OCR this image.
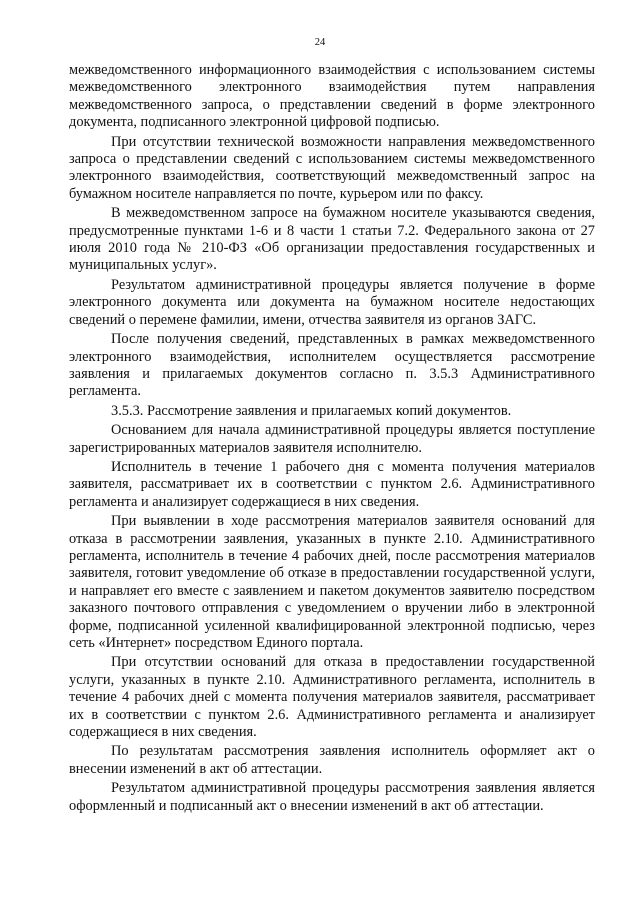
24

межведомственного информационного взаимодействия с использованием системы межведомственного электронного взаимодействия путем направления межведомственного запроса, о представлении сведений в форме электронного документа, подписанного электронной цифровой подписью.

При отсутствии технической возможности направления межведомственного запроса о представлении сведений с использованием системы межведомственного электронного взаимодействия, соответствующий межведомственный запрос на бумажном носителе направляется по почте, курьером или по факсу.

В межведомственном запросе на бумажном носителе указываются сведения, предусмотренные пунктами 1-6 и 8 части 1 статьи 7.2. Федерального закона от 27 июля 2010 года № 210-ФЗ «Об организации предоставления государственных и муниципальных услуг».

Результатом административной процедуры является получение в форме электронного документа или документа на бумажном носителе недостающих сведений о перемене фамилии, имени, отчества заявителя из органов ЗАГС.

После получения сведений, представленных в рамках межведомственного электронного взаимодействия, исполнителем осуществляется рассмотрение заявления и прилагаемых документов согласно п. 3.5.3 Административного регламента.

3.5.3. Рассмотрение заявления и прилагаемых копий документов.

Основанием для начала административной процедуры является поступление зарегистрированных материалов заявителя исполнителю.

Исполнитель в течение 1 рабочего дня с момента получения материалов заявителя, рассматривает их в соответствии с пунктом 2.6. Административного регламента и анализирует содержащиеся в них сведения.

При выявлении в ходе рассмотрения материалов заявителя оснований для отказа в рассмотрении заявления, указанных в пункте 2.10. Административного регламента, исполнитель в течение 4 рабочих дней, после рассмотрения материалов заявителя, готовит уведомление об отказе в предоставлении государственной услуги, и направляет его вместе с заявлением и пакетом документов заявителю посредством заказного почтового отправления с уведомлением о вручении либо в электронной форме, подписанной усиленной квалифицированной электронной подписью, через сеть «Интернет» посредством Единого портала.

При отсутствии оснований для отказа в предоставлении государственной услуги, указанных в пункте 2.10. Административного регламента, исполнитель в течение 4 рабочих дней с момента получения материалов заявителя, рассматривает их в соответствии с пунктом 2.6. Административного регламента и анализирует содержащиеся в них сведения.

По результатам рассмотрения заявления исполнитель оформляет акт о внесении изменений в акт об аттестации.

Результатом административной процедуры рассмотрения заявления является оформленный и подписанный акт о внесении изменений в акт об аттестации.
